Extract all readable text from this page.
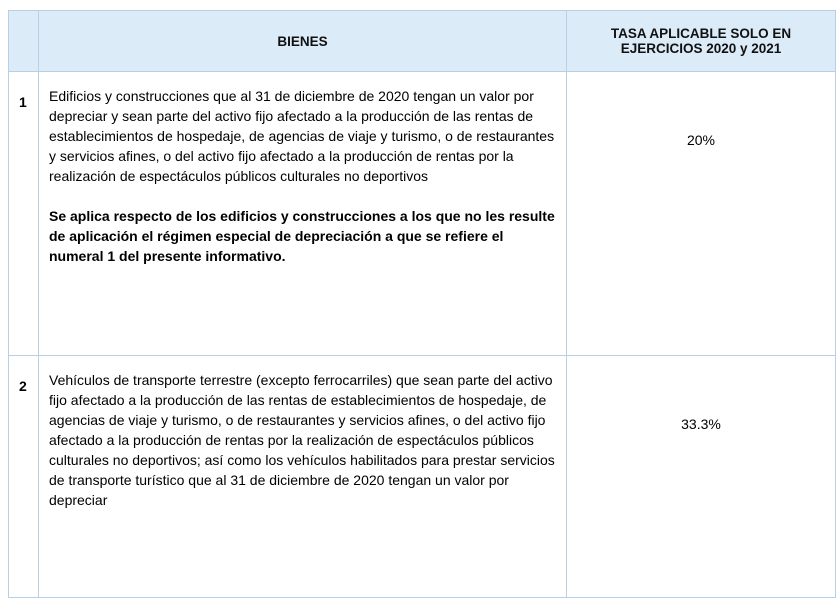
	BIENES	TASA APLICABLE SOLO EN EJERCICIOS 2020 y 2021
1	Edificios y construcciones que al 31 de diciembre de 2020 tengan un valor por depreciar y sean parte del activo fijo afectado a la producción de las rentas de establecimientos de hospedaje, de agencias de viaje y turismo, o de restaurantes y servicios afines, o del activo fijo afectado a la producción de rentas por la realización de espectáculos públicos culturales no deportivos
Se aplica respecto de los edificios y construcciones a los que no les resulte de aplicación el régimen especial de depreciación a que se refiere el numeral 1 del presente informativo.	20%
2	Vehículos de transporte terrestre (excepto ferrocarriles) que sean parte del activo fijo afectado a la producción de las rentas de establecimientos de hospedaje, de agencias de viaje y turismo, o de restaurantes y servicios afines, o del activo fijo afectado a la producción de rentas por la realización de espectáculos públicos culturales no deportivos; así como los vehículos habilitados para prestar servicios de transporte turístico que al 31 de diciembre de 2020 tengan un valor por depreciar	33.3%
